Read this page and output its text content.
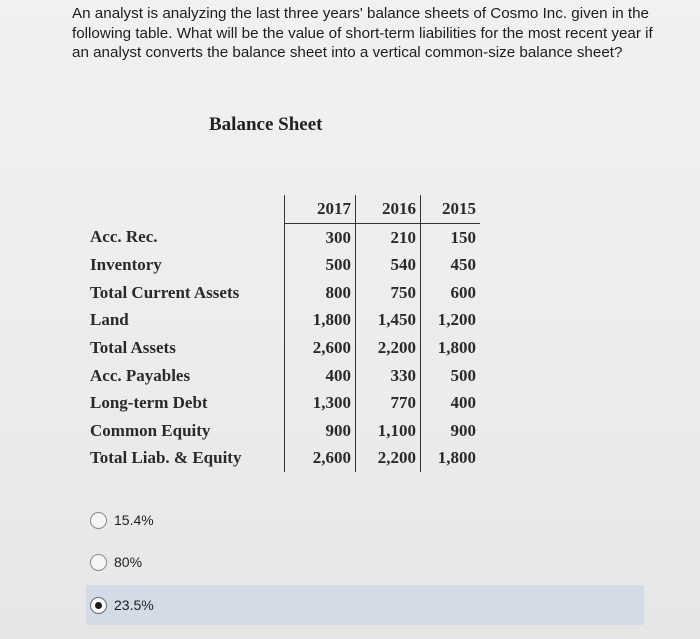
An analyst is analyzing the last three years' balance sheets of Cosmo Inc. given in the following table. What will be the value of short-term liabilities for the most recent year if an analyst converts the balance sheet into a vertical common-size balance sheet?
Balance Sheet
	2017	2016	2015
Acc. Rec.	300	210	150
Inventory	500	540	450
Total Current Assets	800	750	600
Land	1,800	1,450	1,200
Total Assets	2,600	2,200	1,800
Acc. Payables	400	330	500
Long-term Debt	1,300	770	400
Common Equity	900	1,100	900
Total Liab. & Equity	2,600	2,200	1,800
15.4%
80%
23.5%
